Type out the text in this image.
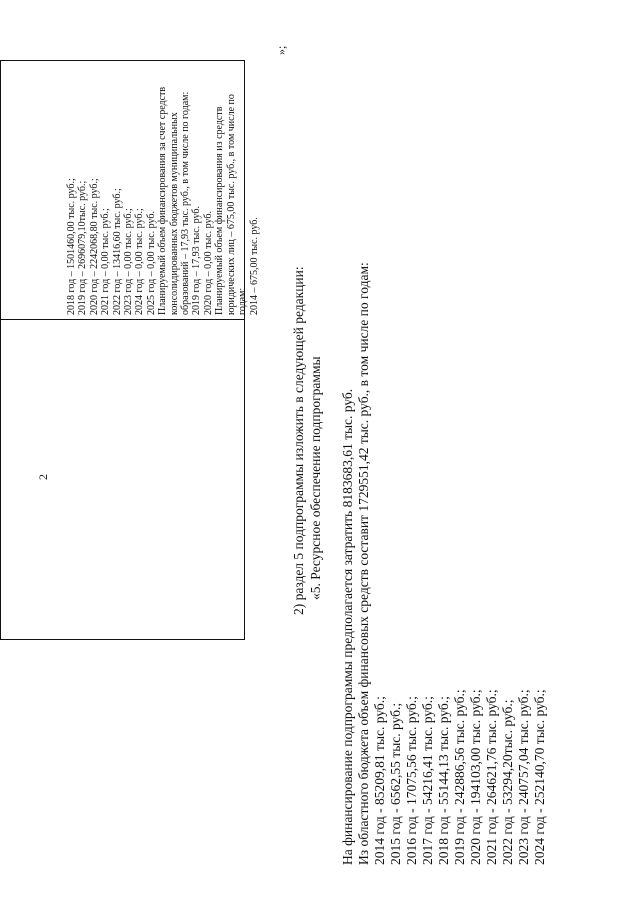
2
2018 год – 1501460,00 тыс. руб.; 2019 год – 2696079,10тыс. руб.; 2020 год – 2242068,80 тыс. руб.; 2021 год – 0,00 тыс. руб.; 2022 год – 13416,60 тыс. руб.; 2023 год – 0,00 тыс. руб.; 2024 год – 0,00 тыс. руб.; 2025 год – 0,00 тыс. руб. Планируемый объем финансирования за счет средств консолидированных бюджетов муниципальных образований – 17,93 тыс. руб., в том числе по годам: 2019 год – 17,93 тыс. руб. 2020 год – 0,00 тыс. руб. Планируемый объем финансирования из средств юридических лиц – 675,00 тыс. руб., в том числе по годам: 2014 – 675,00 тыс. руб.
»;
2) раздел 5 подпрограммы изложить в следующей редакции: «5. Ресурсное обеспечение подпрограммы На финансирование подпрограммы предполагается затратить 8183683,61 тыс. руб. Из областного бюджета объем финансовых средств составит 1729551,42 тыс. руб., в том числе по годам: 2014 год - 85209,81 тыс. руб.; 2015 год - 6562,55 тыс. руб.; 2016 год - 17075,56 тыс. руб.; 2017 год - 54216,41 тыс. руб.; 2018 год - 55144,13 тыс. руб.; 2019 год - 242886,56 тыс. руб.; 2020 год - 194103,00 тыс. руб.; 2021 год - 264621,76 тыс. руб.; 2022 год - 53294,20тыс. руб.; 2023 год - 240757,04 тыс. руб.; 2024 год - 252140,70 тыс. руб.;
